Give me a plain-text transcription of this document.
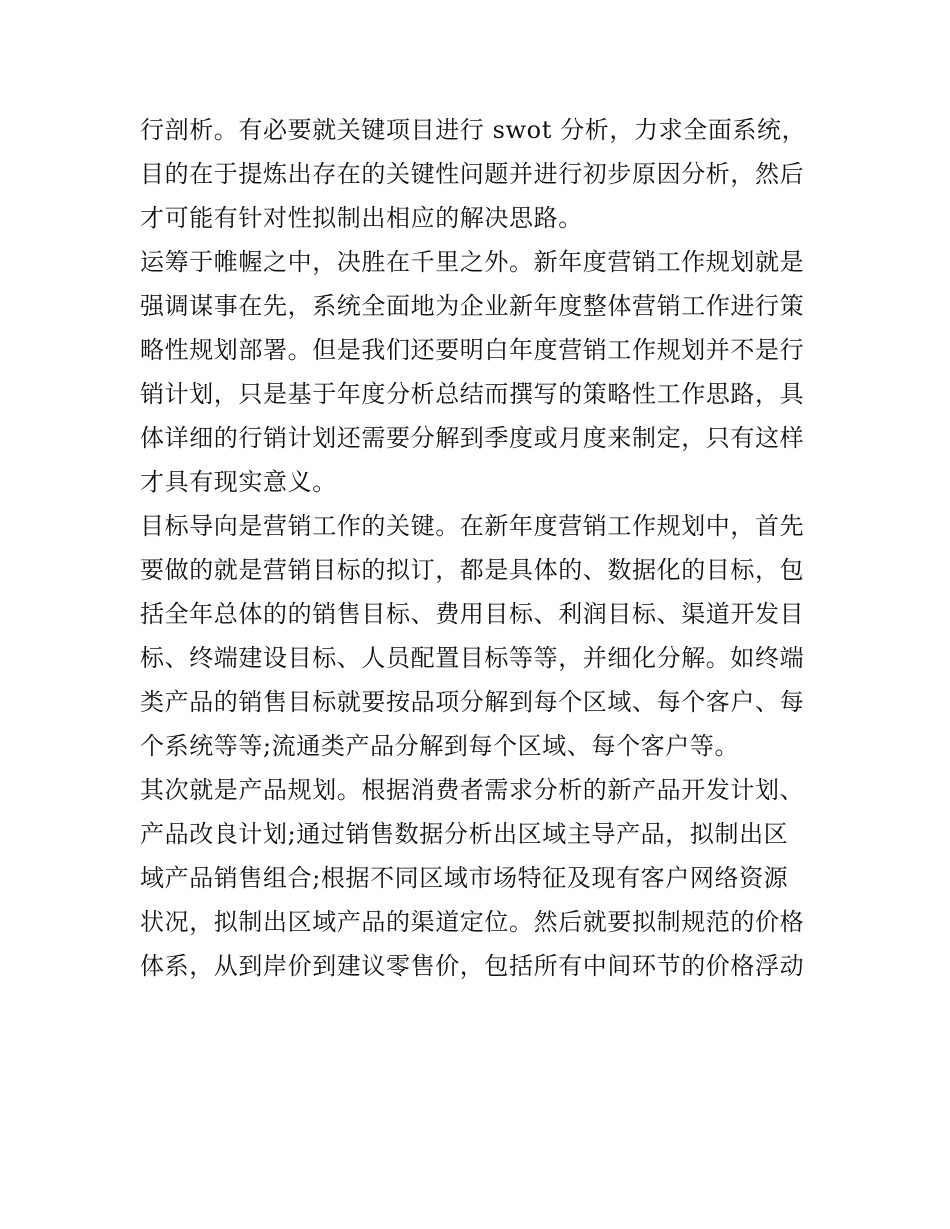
行剖析。有必要就关键项目进行 swot 分析，力求全面系统，
目的在于提炼出存在的关键性问题并进行初步原因分析，然后
才可能有针对性拟制出相应的解决思路。
运筹于帷幄之中，决胜在千里之外。新年度营销工作规划就是
强调谋事在先，系统全面地为企业新年度整体营销工作进行策
略性规划部署。但是我们还要明白年度营销工作规划并不是行
销计划，只是基于年度分析总结而撰写的策略性工作思路，具
体详细的行销计划还需要分解到季度或月度来制定，只有这样
才具有现实意义。
目标导向是营销工作的关键。在新年度营销工作规划中，首先
要做的就是营销目标的拟订，都是具体的、数据化的目标，包
括全年总体的的销售目标、费用目标、利润目标、渠道开发目
标、终端建设目标、人员配置目标等等，并细化分解。如终端
类产品的销售目标就要按品项分解到每个区域、每个客户、每
个系统等等;流通类产品分解到每个区域、每个客户等。
其次就是产品规划。根据消费者需求分析的新产品开发计划、
产品改良计划;通过销售数据分析出区域主导产品，拟制出区
域产品销售组合;根据不同区域市场特征及现有客户网络资源
状况，拟制出区域产品的渠道定位。然后就要拟制规范的价格
体系，从到岸价到建议零售价，包括所有中间环节的价格浮动
